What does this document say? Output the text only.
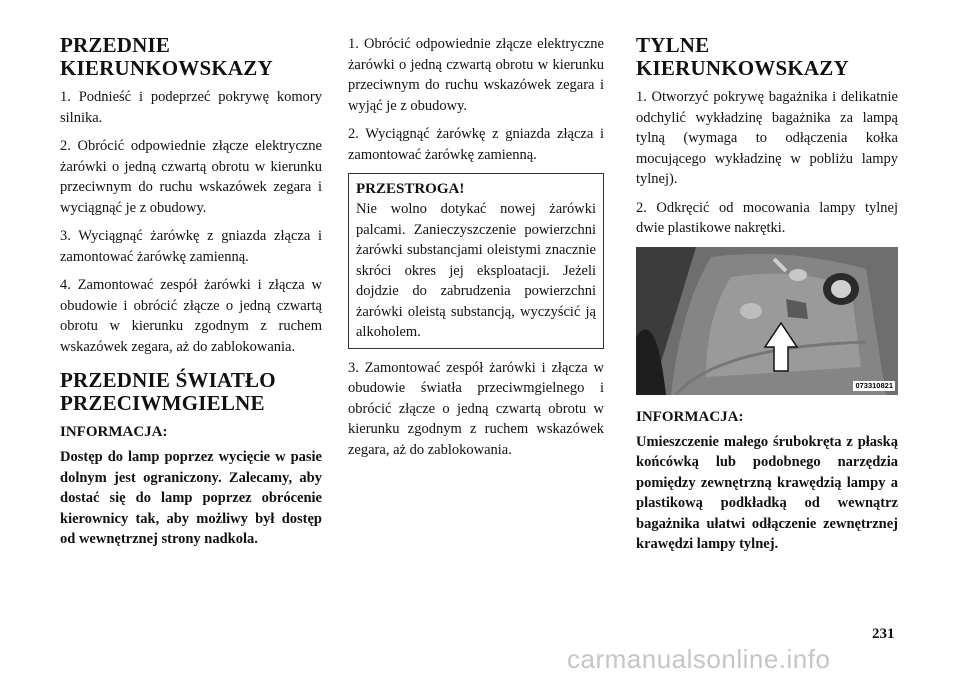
PRZEDNIE KIERUNKOWSKAZY

1. Podnieść i podeprzeć pokrywę komory silnika.

2. Obrócić odpowiednie złącze elektryczne żarówki o jedną czwartą obrotu w kierunku przeciwnym do ruchu wskazówek zegara i wyciągnąć je z obudowy.

3. Wyciągnąć żarówkę z gniazda złącza i zamontować żarówkę zamienną.

4. Zamontować zespół żarówki i złącza w obudowie i obrócić złącze o jedną czwartą obrotu w kierunku zgodnym z ruchem wskazówek zegara, aż do zablokowania.

PRZEDNIE ŚWIATŁO PRZECIWMGIELNE
INFORMACJA:

Dostęp do lamp poprzez wycięcie w pasie dolnym jest ograniczony. Zalecamy, aby dostać się do lamp poprzez obrócenie kierownicy tak, aby możliwy był dostęp od wewnętrznej strony nadkola.

1. Obrócić odpowiednie złącze elektryczne żarówki o jedną czwartą obrotu w kierunku przeciwnym do ruchu wskazówek zegara i wyjąć je z obudowy.

2. Wyciągnąć żarówkę z gniazda złącza i zamontować żarówkę zamienną.

PRZESTROGA!

Nie wolno dotykać nowej żarówki palcami. Zanieczyszczenie powierzchni żarówki substancjami oleistymi znacznie skróci okres jej eksploatacji. Jeżeli dojdzie do zabrudzenia powierzchni żarówki oleistą substancją, wyczyścić ją alkoholem.

3. Zamontować zespół żarówki i złącza w obudowie światła przeciwmgielnego i obrócić złącze o jedną czwartą obrotu w kierunku zgodnym z ruchem wskazówek zegara, aż do zablokowania.

TYLNE KIERUNKOWSKAZY

1. Otworzyć pokrywę bagażnika i delikatnie odchylić wykładzinę bagażnika za lampą tylną (wymaga to odłączenia kołka mocującego wykładzinę w pobliżu lampy tylnej).

2. Odkręcić od mocowania lampy tylnej dwie plastikowe nakrętki.

073310821
INFORMACJA:

Umieszczenie małego śrubokręta z płaską końcówką lub podobnego narzędzia pomiędzy zewnętrzną krawędzią lampy a plastikową podkładką od wewnątrz bagażnika ułatwi odłączenie zewnętrznej krawędzi lampy tylnej.

231
carmanualsonline.info
